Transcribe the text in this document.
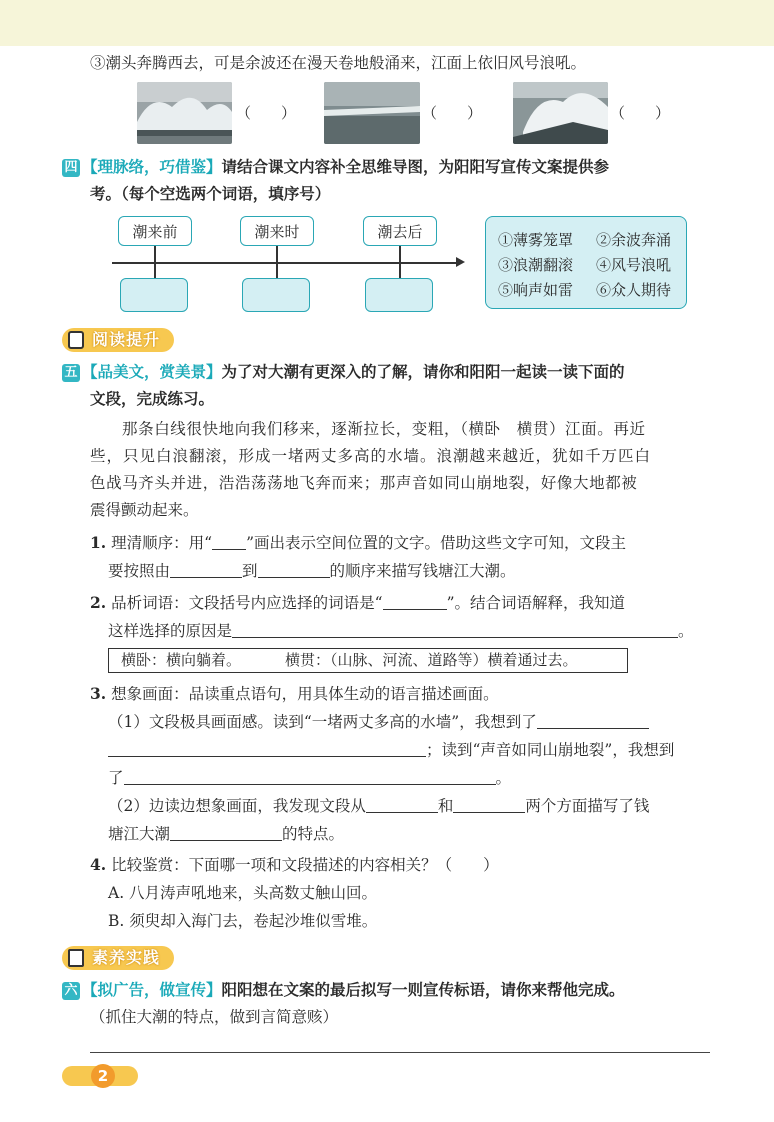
③潮头奔腾西去，可是余波还在漫天卷地般涌来，江面上依旧风号浪吼。
（　　）	（　　）	（　　）
四 【理脉络，巧借鉴】请结合课文内容补全思维导图，为阳阳写宣传文案提供参
考。（每个空选两个词语，填序号）
潮来前	潮来时	潮去后	①薄雾笼罩 ②余波奔涌
③浪潮翻滚 ④风号浪吼
⑤响声如雷 ⑥众人期待
阅读提升
五 【品美文，赏美景】为了对大潮有更深入的了解，请你和阳阳一起读一读下面的
文段，完成练习。
那条白线很快地向我们移来，逐渐拉长，变粗，（横卧　横贯）江面。再近
些，只见白浪翻滚，形成一堵两丈多高的水墙。浪潮越来越近，犹如千万匹白
色战马齐头并进，浩浩荡荡地飞奔而来；那声音如同山崩地裂，好像大地都被
震得颤动起来。
1. 理清顺序：用“ ”画出表示空间位置的文字。借助这些文字可知，文段主
要按照由	到	的顺序来描写钱塘江大潮。
2. 品析词语：文段括号内应选择的词语是“	”。结合词语解释，我知道
这样选择的原因是	。
横卧：横向躺着。	横贯：（山脉、河流、道路等）横着通过去。
3. 想象画面：品读重点语句，用具体生动的语言描述画面。
（1）文段极具画面感。读到“一堵两丈多高的水墙”，我想到了
；读到“声音如同山崩地裂”，我想到
了	。
（2）边读边想象画面，我发现文段从	和	两个方面描写了钱
塘江大潮	的特点。
4. 比较鉴赏：下面哪一项和文段描述的内容相关？（　　）
A. 八月涛声吼地来，头高数丈触山回。
B. 须臾却入海门去，卷起沙堆似雪堆。
素养实践
六 【拟广告，做宣传】阳阳想在文案的最后拟写一则宣传标语，请你来帮他完成。
（抓住大潮的特点，做到言简意赅）
2
